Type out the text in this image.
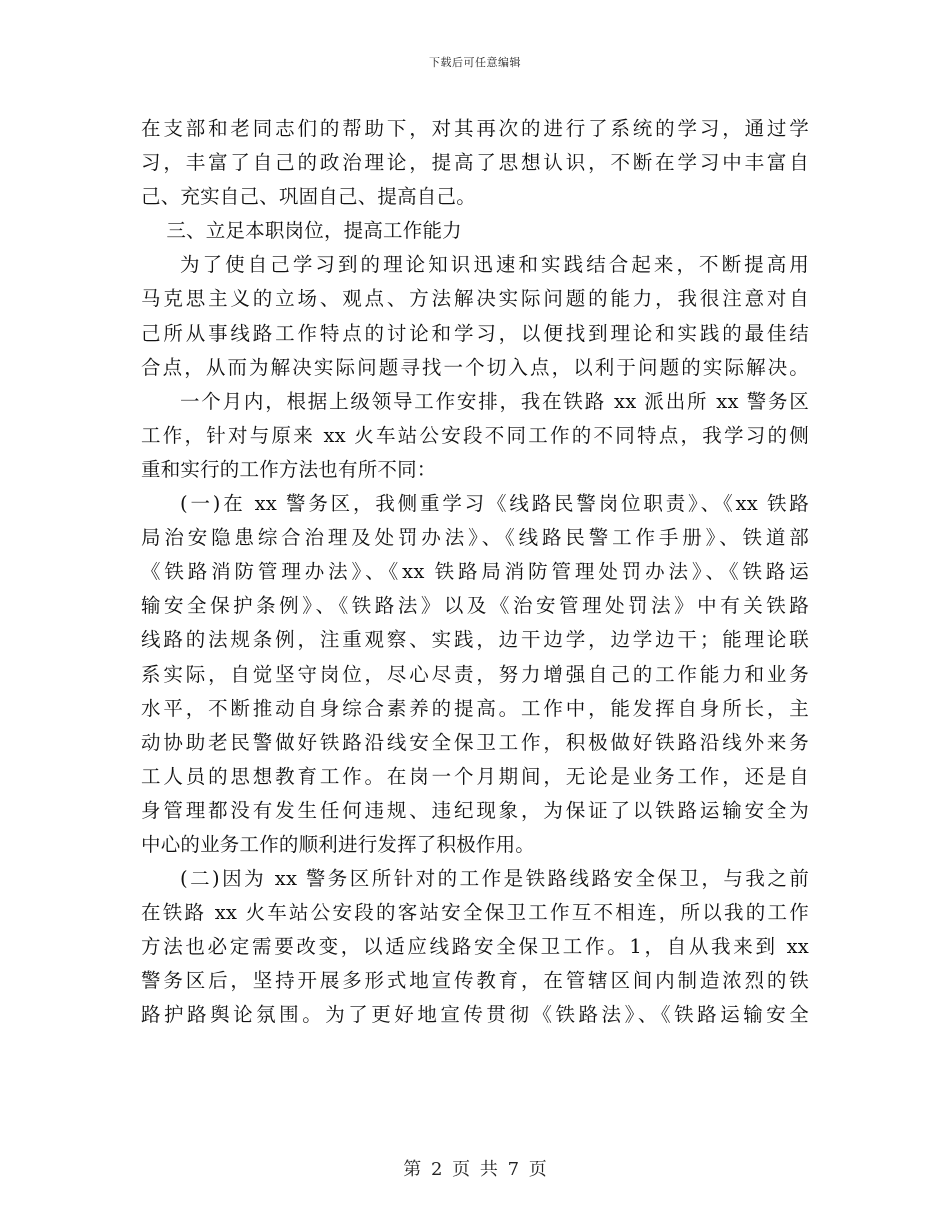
下载后可任意编辑
在支部和老同志们的帮助下，对其再次的进行了系统的学习，通过学
习，丰富了自己的政治理论，提高了思想认识，不断在学习中丰富自
己、充实自己、巩固自己、提高自己。
三、立足本职岗位，提高工作能力
为了使自己学习到的理论知识迅速和实践结合起来，不断提高用
马克思主义的立场、观点、方法解决实际问题的能力，我很注意对自
己所从事线路工作特点的讨论和学习，以便找到理论和实践的最佳结
合点，从而为解决实际问题寻找一个切入点，以利于问题的实际解决。
一个月内，根据上级领导工作安排，我在铁路 xx 派出所 xx 警务区
工作，针对与原来 xx 火车站公安段不同工作的不同特点，我学习的侧
重和实行的工作方法也有所不同：
(一)在 xx 警务区，我侧重学习《线路民警岗位职责》、《xx 铁路
局治安隐患综合治理及处罚办法》、《线路民警工作手册》、铁道部
《铁路消防管理办法》、《xx 铁路局消防管理处罚办法》、《铁路运
输安全保护条例》、《铁路法》以及《治安管理处罚法》中有关铁路
线路的法规条例，注重观察、实践，边干边学，边学边干；能理论联
系实际，自觉坚守岗位，尽心尽责，努力增强自己的工作能力和业务
水平，不断推动自身综合素养的提高。工作中，能发挥自身所长，主
动协助老民警做好铁路沿线安全保卫工作，积极做好铁路沿线外来务
工人员的思想教育工作。在岗一个月期间，无论是业务工作，还是自
身管理都没有发生任何违规、违纪现象，为保证了以铁路运输安全为
中心的业务工作的顺利进行发挥了积极作用。
(二)因为 xx 警务区所针对的工作是铁路线路安全保卫，与我之前
在铁路 xx 火车站公安段的客站安全保卫工作互不相连，所以我的工作
方法也必定需要改变，以适应线路安全保卫工作。1，自从我来到 xx
警务区后，坚持开展多形式地宣传教育，在管辖区间内制造浓烈的铁
路护路舆论氛围。为了更好地宣传贯彻《铁路法》、《铁路运输安全
第 2 页 共 7 页
